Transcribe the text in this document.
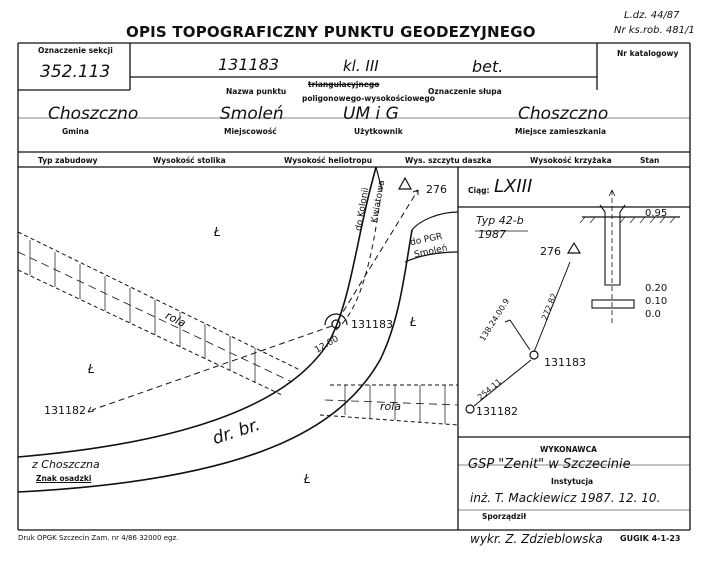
OPIS TOPOGRAFICZNY PUNKTU GEODEZYJNEGO
L.dz. 44/87
Nr ks.rob. 481/1
Oznaczenie sekcji
352.113
Nr katalogowy
131183	kl. III	bet.
triangulacyjnego
Nazwa punktu
poligonowego-wysokościowego
Oznaczenie słupa
Choszczno
Gmina
Smoleń
Miejscowość
UM i G
Użytkownik
Choszczno
Miejsce zamieszkania
Typ zabudowy	Wysokość stolika	Wysokość heliotropu	Wys. szczytu daszka	Wysokość krzyżaka	Stan
276
131183
131182
do Kolonii
Kwiatowa
do PGR
Smoleń
rola
rola
12.00
dr. br.
z Choszczna
Znak osadzki
Ł
Ł
Ł
Ł
Ciąg: LXIII
Typ 42-b
1987
276
131183
131182
138.24.00.9	272.82
254.11
0.95
0.20
0.10
0.0
WYKONAWCA
GSP "Zenit" w Szczecinie
Instytucja
inż. T. Mackiewicz 1987. 12. 10.
Sporządził
Druk OPGK Szczecin Zam. nr 4/86 32000 egz.	wykr. Z. Zdzieblowska GUGIK 4-1-23
